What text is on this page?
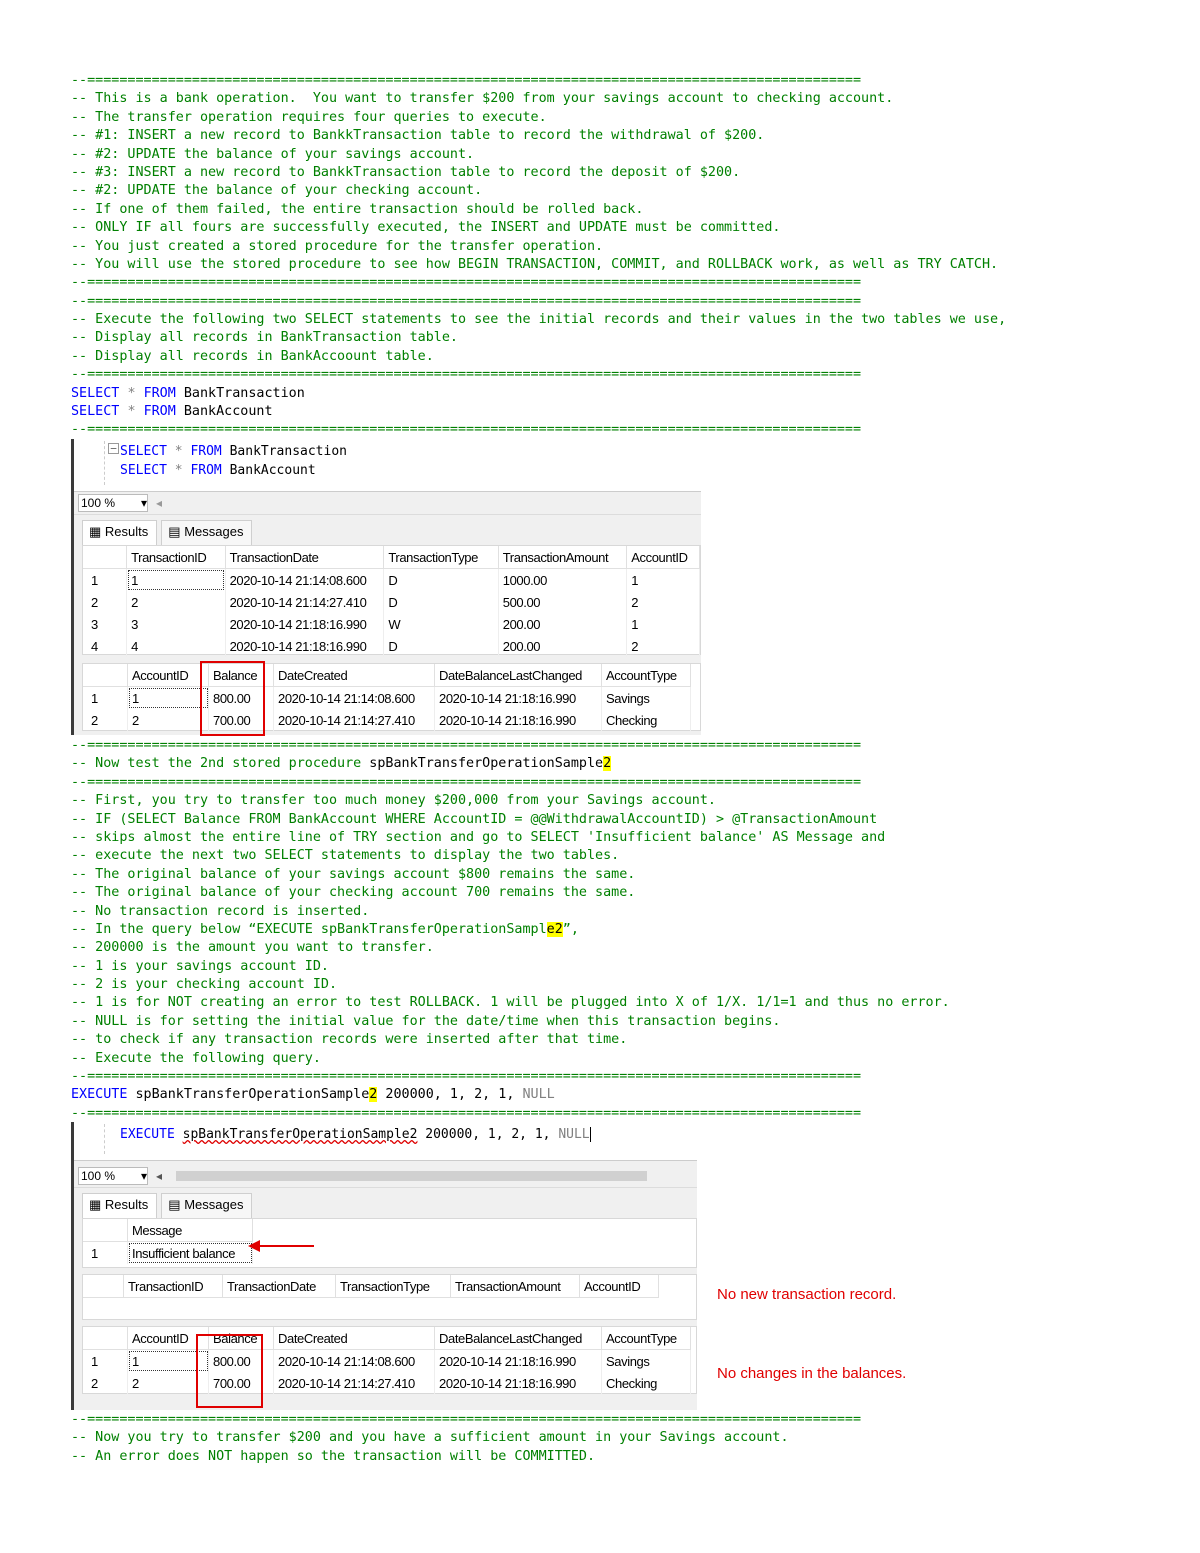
--================================================================================================
-- This is a bank operation.  You want to transfer $200 from your savings account to checking account.
-- The transfer operation requires four queries to execute.
-- #1: INSERT a new record to BankkTransaction table to record the withdrawal of $200.
-- #2: UPDATE the balance of your savings account.
-- #3: INSERT a new record to BankkTransaction table to record the deposit of $200.
-- #2: UPDATE the balance of your checking account.
-- If one of them failed, the entire transaction should be rolled back.
-- ONLY IF all fours are successfully executed, the INSERT and UPDATE must be committed.
-- You just created a stored procedure for the transfer operation.
-- You will use the stored procedure to see how BEGIN TRANSACTION, COMMIT, and ROLLBACK work, as well as TRY CATCH.
--================================================================================================
--================================================================================================
-- Execute the following two SELECT statements to see the initial records and their values in the two tables we use,
-- Display all records in BankTransaction table.
-- Display all records in BankAccoount table.
--================================================================================================
SELECT * FROM BankTransaction
SELECT * FROM BankAccount
--================================================================================================
− SELECT * FROM BankTransaction
SELECT * FROM BankAccount
100 % ▾ ◂
▦ Results	▤ Messages
	TransactionID	TransactionDate	TransactionType	TransactionAmount	AccountID
1	1	2020-10-14 21:14:08.600	D	1000.00	1
2	2	2020-10-14 21:14:27.410	D	500.00	2
3	3	2020-10-14 21:18:16.990	W	200.00	1
4	4	2020-10-14 21:18:16.990	D	200.00	2
	AccountID	Balance	DateCreated	DateBalanceLastChanged	AccountType
1	1	800.00	2020-10-14 21:14:08.600	2020-10-14 21:18:16.990	Savings
2	2	700.00	2020-10-14 21:14:27.410	2020-10-14 21:18:16.990	Checking
--================================================================================================
-- Now test the 2nd stored procedure spBankTransferOperationSample2
--================================================================================================
-- First, you try to transfer too much money $200,000 from your Savings account.
-- IF (SELECT Balance FROM BankAccount WHERE AccountID = @@WithdrawalAccountID) > @TransactionAmount
-- skips almost the entire line of TRY section and go to SELECT 'Insufficient balance' AS Message and
-- execute the next two SELECT statements to display the two tables.
-- The original balance of your savings account $800 remains the same.
-- The original balance of your checking account 700 remains the same.
-- No transaction record is inserted.
-- In the query below “EXECUTE spBankTransferOperationSample2”,
-- 200000 is the amount you want to transfer.
-- 1 is your savings account ID.
-- 2 is your checking account ID.
-- 1 is for NOT creating an error to test ROLLBACK. 1 will be plugged into X of 1/X. 1/1=1 and thus no error.
-- NULL is for setting the initial value for the date/time when this transaction begins.
-- to check if any transaction records were inserted after that time.
-- Execute the following query.
--================================================================================================
EXECUTE spBankTransferOperationSample2 200000, 1, 2, 1, NULL
--================================================================================================
EXECUTE spBankTransferOperationSample2 200000, 1, 2, 1, NULL
100 % ▾ ◂
▦ Results	▤ Messages
	Message
1	Insufficient balance
	TransactionID	TransactionDate	TransactionType	TransactionAmount	AccountID
	AccountID	Balance	DateCreated	DateBalanceLastChanged	AccountType
1	1	800.00	2020-10-14 21:14:08.600	2020-10-14 21:18:16.990	Savings
2	2	700.00	2020-10-14 21:14:27.410	2020-10-14 21:18:16.990	Checking
No new transaction record.
No changes in the balances.
--================================================================================================
-- Now you try to transfer $200 and you have a sufficient amount in your Savings account.
-- An error does NOT happen so the transaction will be COMMITTED.
